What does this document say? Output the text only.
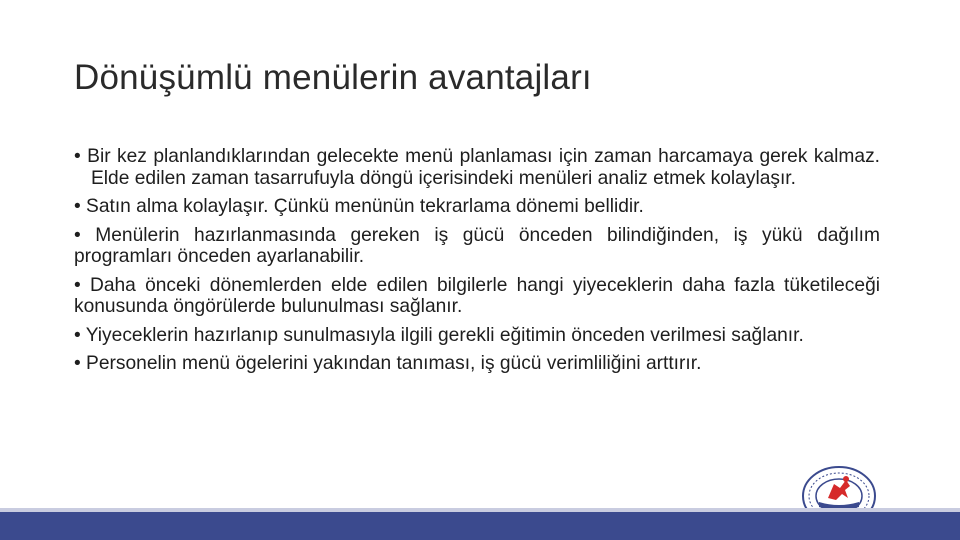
Dönüşümlü menülerin avantajları

• Bir kez planlandıklarından gelecekte menü planlaması için zaman harcamaya gerek kalmaz. Elde edilen zaman tasarrufuyla döngü içerisindeki menüleri analiz etmek kolaylaşır.

• Satın alma kolaylaşır. Çünkü menünün tekrarlama dönemi bellidir.

• Menülerin hazırlanmasında gereken iş gücü önceden bilindiğinden, iş yükü dağılım programları önceden ayarlanabilir.

• Daha önceki dönemlerden elde edilen bilgilerle hangi yiyeceklerin daha fazla tüketileceği konusunda öngörülerde bulunulması sağlanır.

• Yiyeceklerin hazırlanıp sunulmasıyla ilgili gerekli eğitimin önceden verilmesi sağlanır.

• Personelin menü ögelerini yakından tanıması, iş gücü verimliliğini arttırır.
